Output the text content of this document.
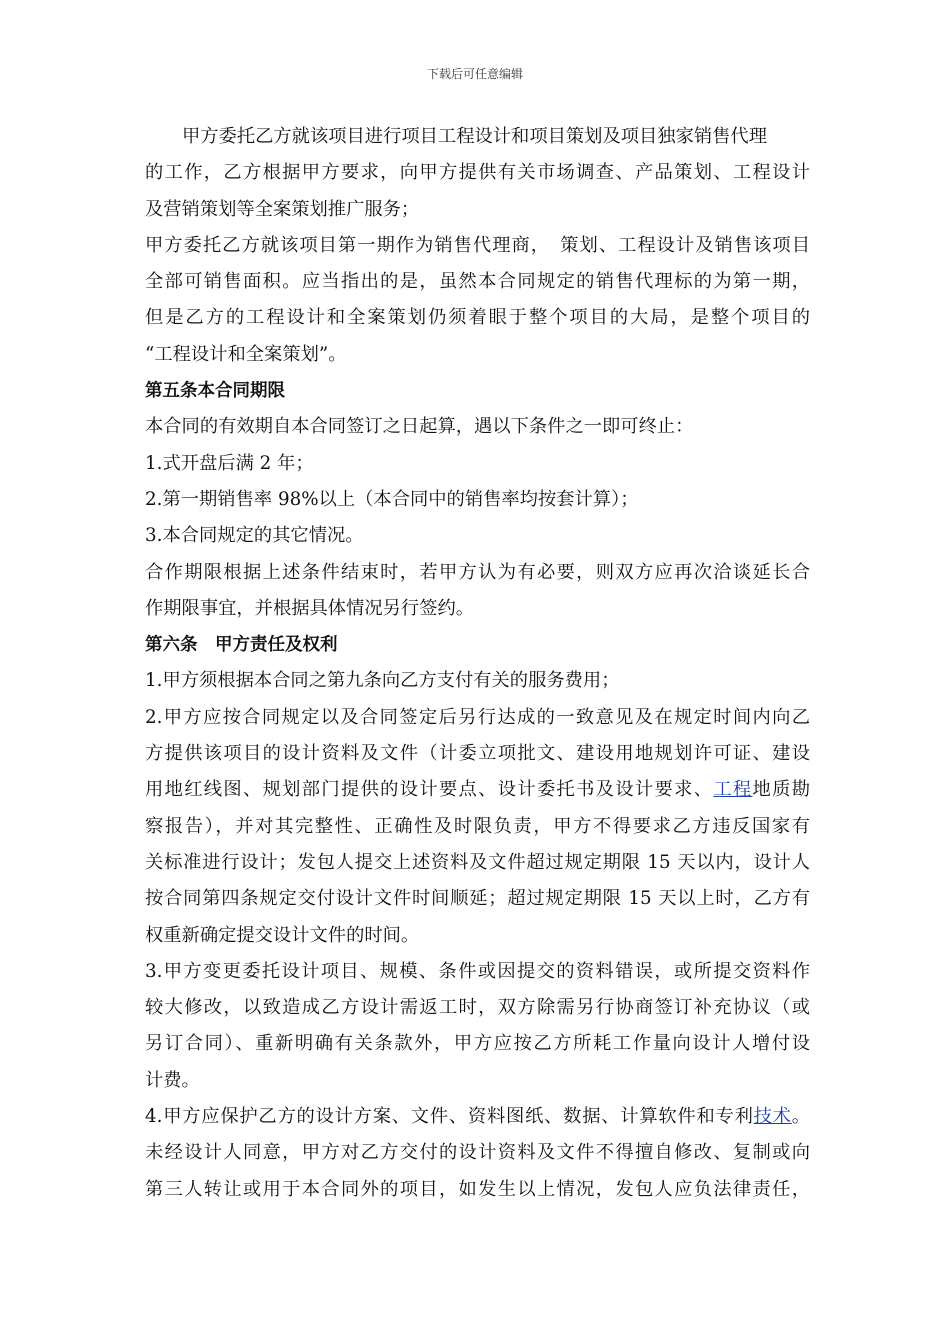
下载后可任意编辑
甲方委托乙方就该项目进行项目工程设计和项目策划及项目独家销售代理
的工作，乙方根据甲方要求，向甲方提供有关市场调查、产品策划、工程设计
及营销策划等全案策划推广服务；
甲方委托乙方就该项目第一期作为销售代理商，　策划、工程设计及销售该项目
全部可销售面积。应当指出的是，虽然本合同规定的销售代理标的为第一期，
但是乙方的工程设计和全案策划仍须着眼于整个项目的大局，是整个项目的
“工程设计和全案策划”。
第五条本合同期限
本合同的有效期自本合同签订之日起算，遇以下条件之一即可终止：
1.式开盘后满 2 年；
2.第一期销售率 98%以上（本合同中的销售率均按套计算）；
3.本合同规定的其它情况。
合作期限根据上述条件结束时，若甲方认为有必要，则双方应再次洽谈延长合
作期限事宜，并根据具体情况另行签约。
第六条　甲方责任及权利
1.甲方须根据本合同之第九条向乙方支付有关的服务费用；
2.甲方应按合同规定以及合同签定后另行达成的一致意见及在规定时间内向乙
方提供该项目的设计资料及文件（计委立项批文、建设用地规划许可证、建设
用地红线图、规划部门提供的设计要点、设计委托书及设计要求、工程地质勘
察报告），并对其完整性、正确性及时限负责，甲方不得要求乙方违反国家有
关标准进行设计；发包人提交上述资料及文件超过规定期限 15 天以内，设计人
按合同第四条规定交付设计文件时间顺延；超过规定期限 15 天以上时，乙方有
权重新确定提交设计文件的时间。
3.甲方变更委托设计项目、规模、条件或因提交的资料错误，或所提交资料作
较大修改，以致造成乙方设计需返工时，双方除需另行协商签订补充协议（或
另订合同）、重新明确有关条款外，甲方应按乙方所耗工作量向设计人增付设
计费。
4.甲方应保护乙方的设计方案、文件、资料图纸、数据、计算软件和专利技术。
未经设计人同意，甲方对乙方交付的设计资料及文件不得擅自修改、复制或向
第三人转让或用于本合同外的项目，如发生以上情况，发包人应负法律责任，
